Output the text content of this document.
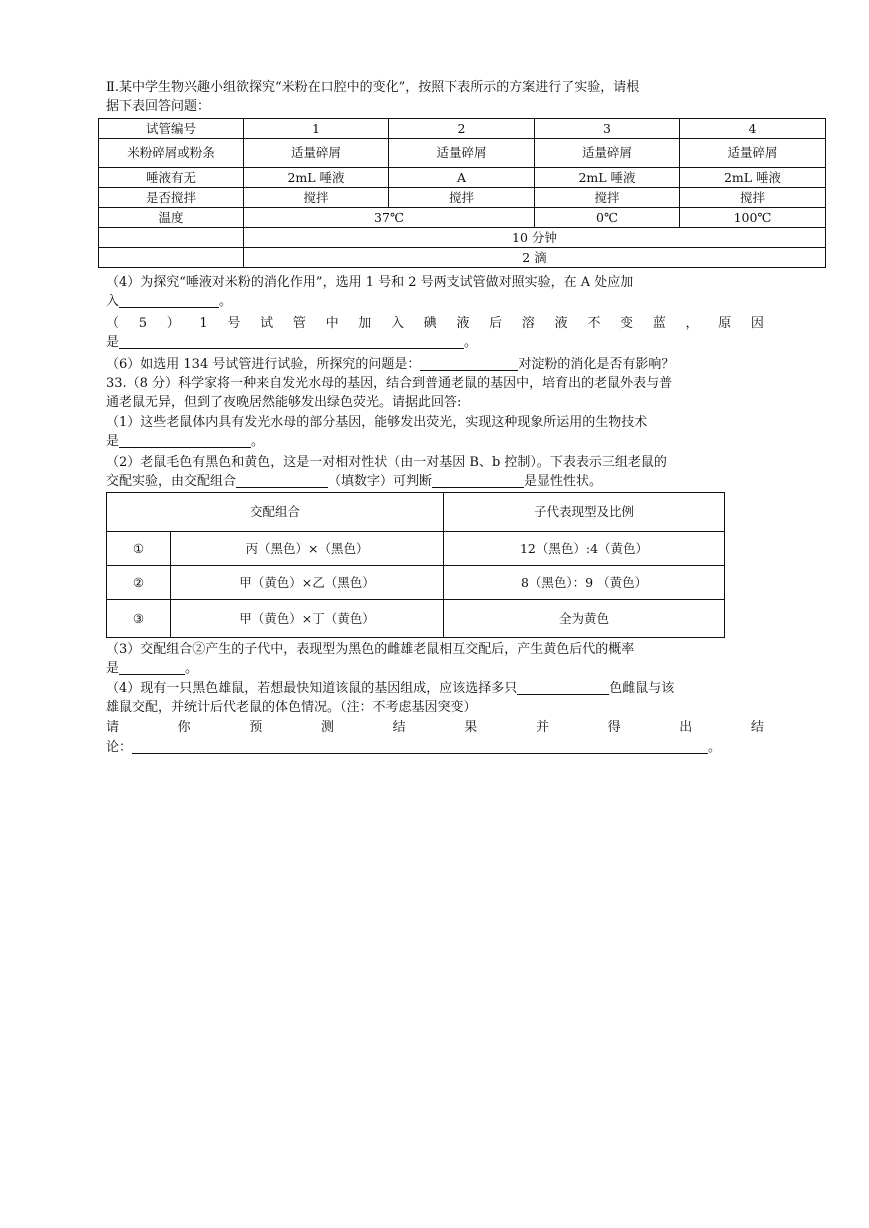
Ⅱ.某中学生物兴趣小组欲探究“米粉在口腔中的变化”，按照下表所示的方案进行了实验，请根
据下表回答问题：
试管编号	1	2	3	4
米粉碎屑或粉条	适量碎屑	适量碎屑	适量碎屑	适量碎屑
唾液有无	2mL 唾液	A	2mL 唾液	2mL 唾液
是否搅拌	搅拌	搅拌	搅拌	搅拌
温度	37℃		0℃	100℃
	10 分钟			
	2 滴			
（4）为探究“唾液对米粉的消化作用”，选用 1 号和 2 号两支试管做对照实验，在 A 处应加
入	。
（ 5 ） 1 号 试 管 中 加 入 碘 液 后 溶 液 不 变 蓝 ， 原 因
是	。
（6）如选用 134 号试管进行试验，所探究的问题是：	对淀粉的消化是否有影响？
33.（8 分）科学家将一种来自发光水母的基因，结合到普通老鼠的基因中，培育出的老鼠外表与普
通老鼠无异，但到了夜晚居然能够发出绿色荧光。请据此回答:
（1）这些老鼠体内具有发光水母的部分基因，能够发出荧光，实现这种现象所运用的生物技术
是	。
（2）老鼠毛色有黑色和黄色，这是一对相对性状（由一对基因 B、b 控制）。下表表示三组老鼠的
交配实验，由交配组合	（填数字）可判断	是显性性状。
交配组合		子代表现型及比例
①	丙（黑色）×（黑色）	12（黑色）:4（黄色）
②	甲（黄色）×乙（黑色）	8（黑色）：9 （黄色）
③	甲（黄色）×丁（黄色）	全为黄色
（3）交配组合②产生的子代中，表现型为黑色的雌雄老鼠相互交配后，产生黄色后代的概率
是	。
（4）现有一只黑色雄鼠，若想最快知道该鼠的基因组成，应该选择多只	色雌鼠与该
雄鼠交配，并统计后代老鼠的体色情况。（注：不考虑基因突变）
请	你	预	测	结	果	并	得	出	结
论：	。
